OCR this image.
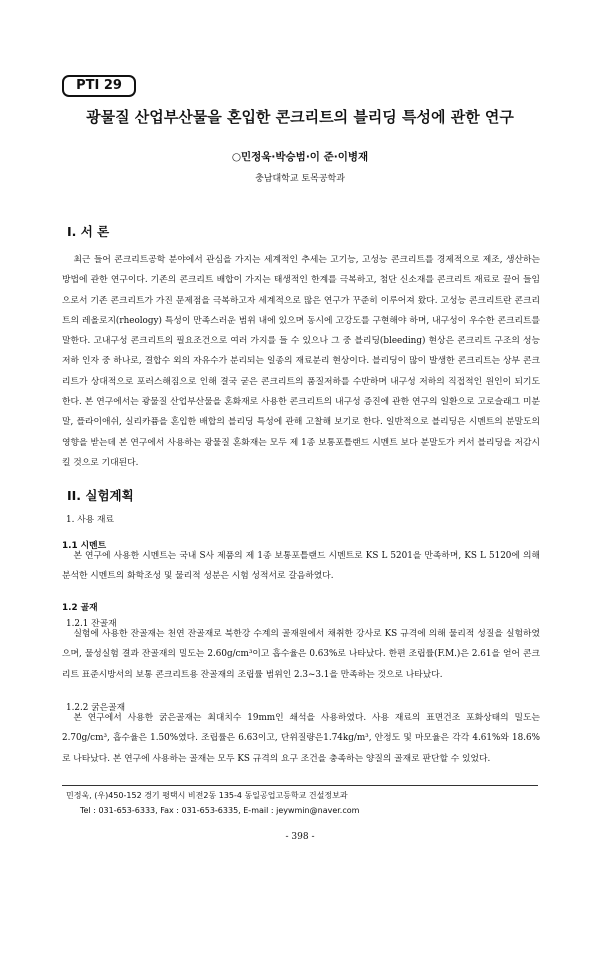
PTI 29
광물질 산업부산물을 혼입한 콘크리트의 블리딩 특성에 관한 연구
○민정욱·박승범·이 준·이병재
충남대학교 토목공학과
I. 서 론

최근 들어 콘크리트공학 분야에서 관심을 가지는 세계적인 추세는 고기능, 고성능 콘크리트를 경제적으로 제조, 생산하는 방법에 관한 연구이다. 기존의 콘크리트 배합이 가지는 태생적인 한계를 극복하고, 첨단 신소재를 콘크리트 재료로 끌어 들임으로서 기존 콘크리트가 가진 문제점을 극복하고자 세계적으로 많은 연구가 꾸준히 이루어져 왔다. 고성능 콘크리트란 콘크리트의 레올로지(rheology) 특성이 만족스러운 범위 내에 있으며 동시에 고강도를 구현해야 하며, 내구성이 우수한 콘크리트를 말한다. 고내구성 콘크리트의 필요조건으로 여러 가지를 들 수 있으나 그 중 블리딩(bleeding) 현상은 콘크리트 구조의 성능저하 인자 중 하나로, 결합수 외의 자유수가 분리되는 일종의 재료분리 현상이다. 블리딩이 많이 발생한 콘크리트는 상부 콘크리트가 상대적으로 포러스해짐으로 인해 결국 굳은 콘크리트의 품질저하를 수반하며 내구성 저하의 직접적인 원인이 되기도 한다. 본 연구에서는 광물질 산업부산물을 혼화재로 사용한 콘크리트의 내구성 증진에 관한 연구의 일환으로 고로슬래그 미분말, 플라이애쉬, 실리카퓸을 혼입한 배합의 블리딩 특성에 관해 고찰해 보기로 한다. 일반적으로 블리딩은 시멘트의 분말도의 영향을 받는데 본 연구에서 사용하는 광물질 혼화재는 모두 제 1종 보통포틀랜드 시멘트 보다 분말도가 커서 블리딩을 저감시킬 것으로 기대된다.

II. 실험계획
1. 사용 재료
1.1 시멘트

본 연구에 사용한 시멘트는 국내 S사 제품의 제 1종 보통포틀랜드 시멘트로 KS L 5201을 만족하며, KS L 5120에 의해 분석한 시멘트의 화학조성 및 물리적 성분은 시험 성적서로 갈음하였다.

1.2 골재
1.2.1 잔골재

실험에 사용한 잔골재는 천연 잔골재로 북한강 수계의 골재원에서 채취한 강사로 KS 규격에 의해 물리적 성질을 실험하였으며, 물성실험 결과 잔골재의 밀도는 2.60g/cm³이고 흡수율은 0.63%로 나타났다. 한편 조립률(F.M.)은 2.61을 얻어 콘크리트 표준시방서의 보통 콘크리트용 잔골재의 조립률 범위인 2.3~3.1을 만족하는 것으로 나타났다.

1.2.2 굵은골재

본 연구에서 사용한 굵은골재는 최대치수 19mm인 쇄석을 사용하였다. 사용 재료의 표면건조 포화상태의 밀도는 2.70g/cm³, 흡수율은 1.50%였다. 조립률은 6.63이고, 단위질량은1.74kg/m³, 안정도 및 마모율은 각각 4.61%와 18.6%로 나타났다. 본 연구에 사용하는 골재는 모두 KS 규격의 요구 조건을 충족하는 양질의 골재로 판단할 수 있었다.

민정욱, (우)450-152 경기 평택시 비전2동 135-4 동일공업고등학교 건설정보과
Tel : 031-653-6333, Fax : 031-653-6335, E-mail : jeywmin@naver.com
- 398 -
